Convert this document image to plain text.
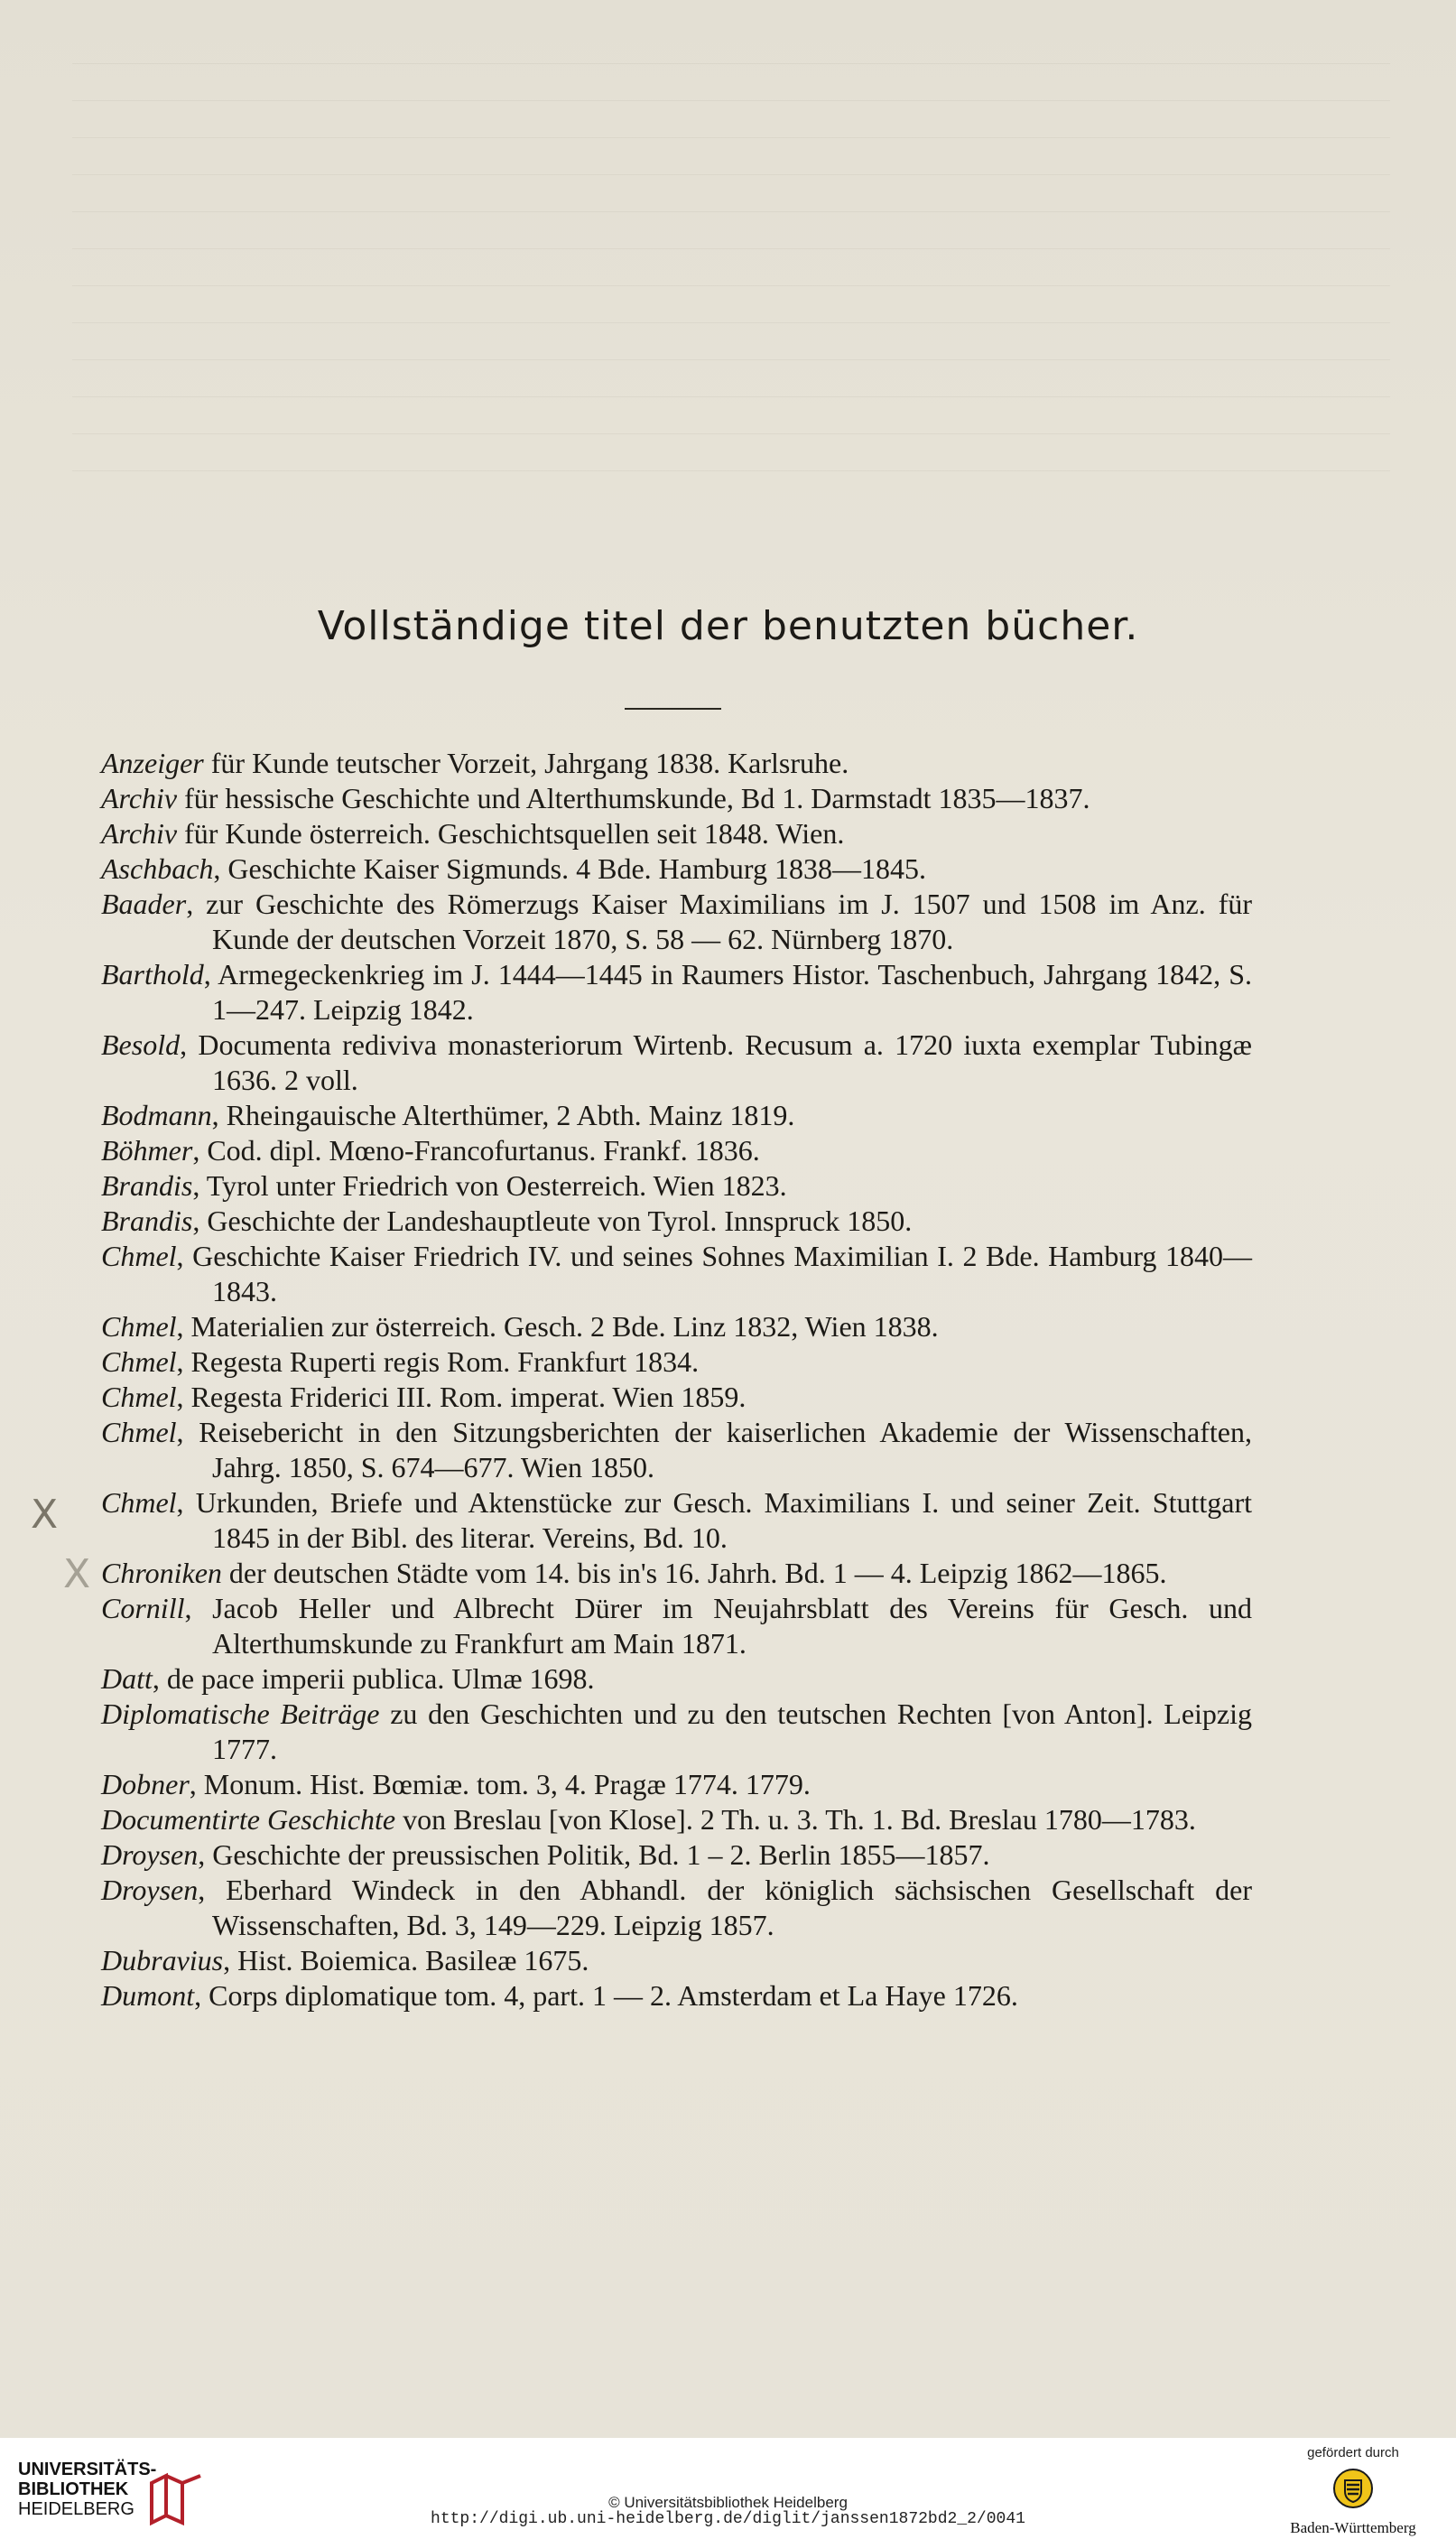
Vollständige titel der benutzten bücher.
Anzeiger für Kunde teutscher Vorzeit, Jahrgang 1838. Karlsruhe.
Archiv für hessische Geschichte und Alterthumskunde, Bd 1. Darmstadt 1835—1837.
Archiv für Kunde österreich. Geschichtsquellen seit 1848. Wien.
Aschbach, Geschichte Kaiser Sigmunds. 4 Bde. Hamburg 1838—1845.
Baader, zur Geschichte des Römerzugs Kaiser Maximilians im J. 1507 und 1508 im Anz. für Kunde der deutschen Vorzeit 1870, S. 58 — 62. Nürnberg 1870.
Barthold, Armegeckenkrieg im J. 1444—1445 in Raumers Histor. Taschenbuch, Jahrgang 1842, S. 1—247. Leipzig 1842.
Besold, Documenta rediviva monasteriorum Wirtenb. Recusum a. 1720 iuxta exemplar Tubingæ 1636. 2 voll.
Bodmann, Rheingauische Alterthümer, 2 Abth. Mainz 1819.
Böhmer, Cod. dipl. Mœno-Francofurtanus. Frankf. 1836.
Brandis, Tyrol unter Friedrich von Oesterreich. Wien 1823.
Brandis, Geschichte der Landeshauptleute von Tyrol. Innspruck 1850.
Chmel, Geschichte Kaiser Friedrich IV. und seines Sohnes Maximilian I. 2 Bde. Hamburg 1840—1843.
Chmel, Materialien zur österreich. Gesch. 2 Bde. Linz 1832, Wien 1838.
Chmel, Regesta Ruperti regis Rom. Frankfurt 1834.
Chmel, Regesta Friderici III. Rom. imperat. Wien 1859.
Chmel, Reisebericht in den Sitzungsberichten der kaiserlichen Akademie der Wissenschaften, Jahrg. 1850, S. 674—677. Wien 1850.
Chmel, Urkunden, Briefe und Aktenstücke zur Gesch. Maximilians I. und seiner Zeit. Stuttgart 1845 in der Bibl. des literar. Vereins, Bd. 10.
Chroniken der deutschen Städte vom 14. bis in's 16. Jahrh. Bd. 1 — 4. Leipzig 1862—1865.
Cornill, Jacob Heller und Albrecht Dürer im Neujahrsblatt des Vereins für Gesch. und Alterthumskunde zu Frankfurt am Main 1871.
Datt, de pace imperii publica. Ulmæ 1698.
Diplomatische Beiträge zu den Geschichten und zu den teutschen Rechten [von Anton]. Leipzig 1777.
Dobner, Monum. Hist. Bœmiæ. tom. 3, 4. Pragæ 1774. 1779.
Documentirte Geschichte von Breslau [von Klose]. 2 Th. u. 3. Th. 1. Bd. Breslau 1780—1783.
Droysen, Geschichte der preussischen Politik, Bd. 1 – 2. Berlin 1855—1857.
Droysen, Eberhard Windeck in den Abhandl. der königlich sächsischen Gesellschaft der Wissenschaften, Bd. 3, 149—229. Leipzig 1857.
Dubravius, Hist. Boiemica. Basileæ 1675.
Dumont, Corps diplomatique tom. 4, part. 1 — 2. Amsterdam et La Haye 1726.
X
X
UNIVERSITÄTS-
BIBLIOTHEK
HEIDELBERG	© Universitätsbibliothek Heidelberg
http://digi.ub.uni-heidelberg.de/diglit/janssen1872bd2_2/0041
gefördert durch
Baden-Württemberg
